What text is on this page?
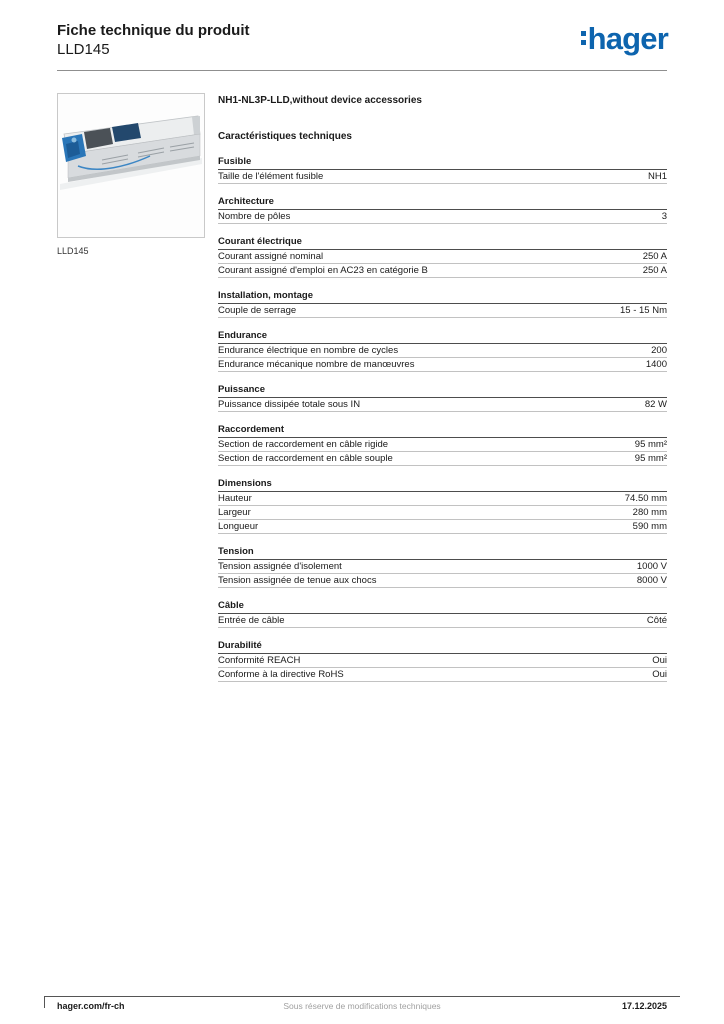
Fiche technique du produit
LLD145	hager
LLD145
NH1-NL3P-LLD,without device accessories
Caractéristiques techniques
Fusible
Taille de l'élément fusible	NH1
Architecture
Nombre de pôles	3
Courant électrique
Courant assigné nominal	250 A
Courant assigné d'emploi en AC23 en catégorie B	250 A
Installation, montage
Couple de serrage	15 - 15 Nm
Endurance
Endurance électrique en nombre de cycles	200
Endurance mécanique nombre de manœuvres	1400
Puissance
Puissance dissipée totale sous IN	82 W
Raccordement
Section de raccordement en câble rigide	95 mm²
Section de raccordement en câble souple	95 mm²
Dimensions
Hauteur	74.50 mm
Largeur	280 mm
Longueur	590 mm
Tension
Tension assignée d'isolement	1000 V
Tension assignée de tenue aux chocs	8000 V
Câble
Entrée de câble	Côté
Durabilité
Conformité REACH	Oui
Conforme à la directive RoHS	Oui
hager.com/fr-ch	Sous réserve de modifications techniques	17.12.2025
